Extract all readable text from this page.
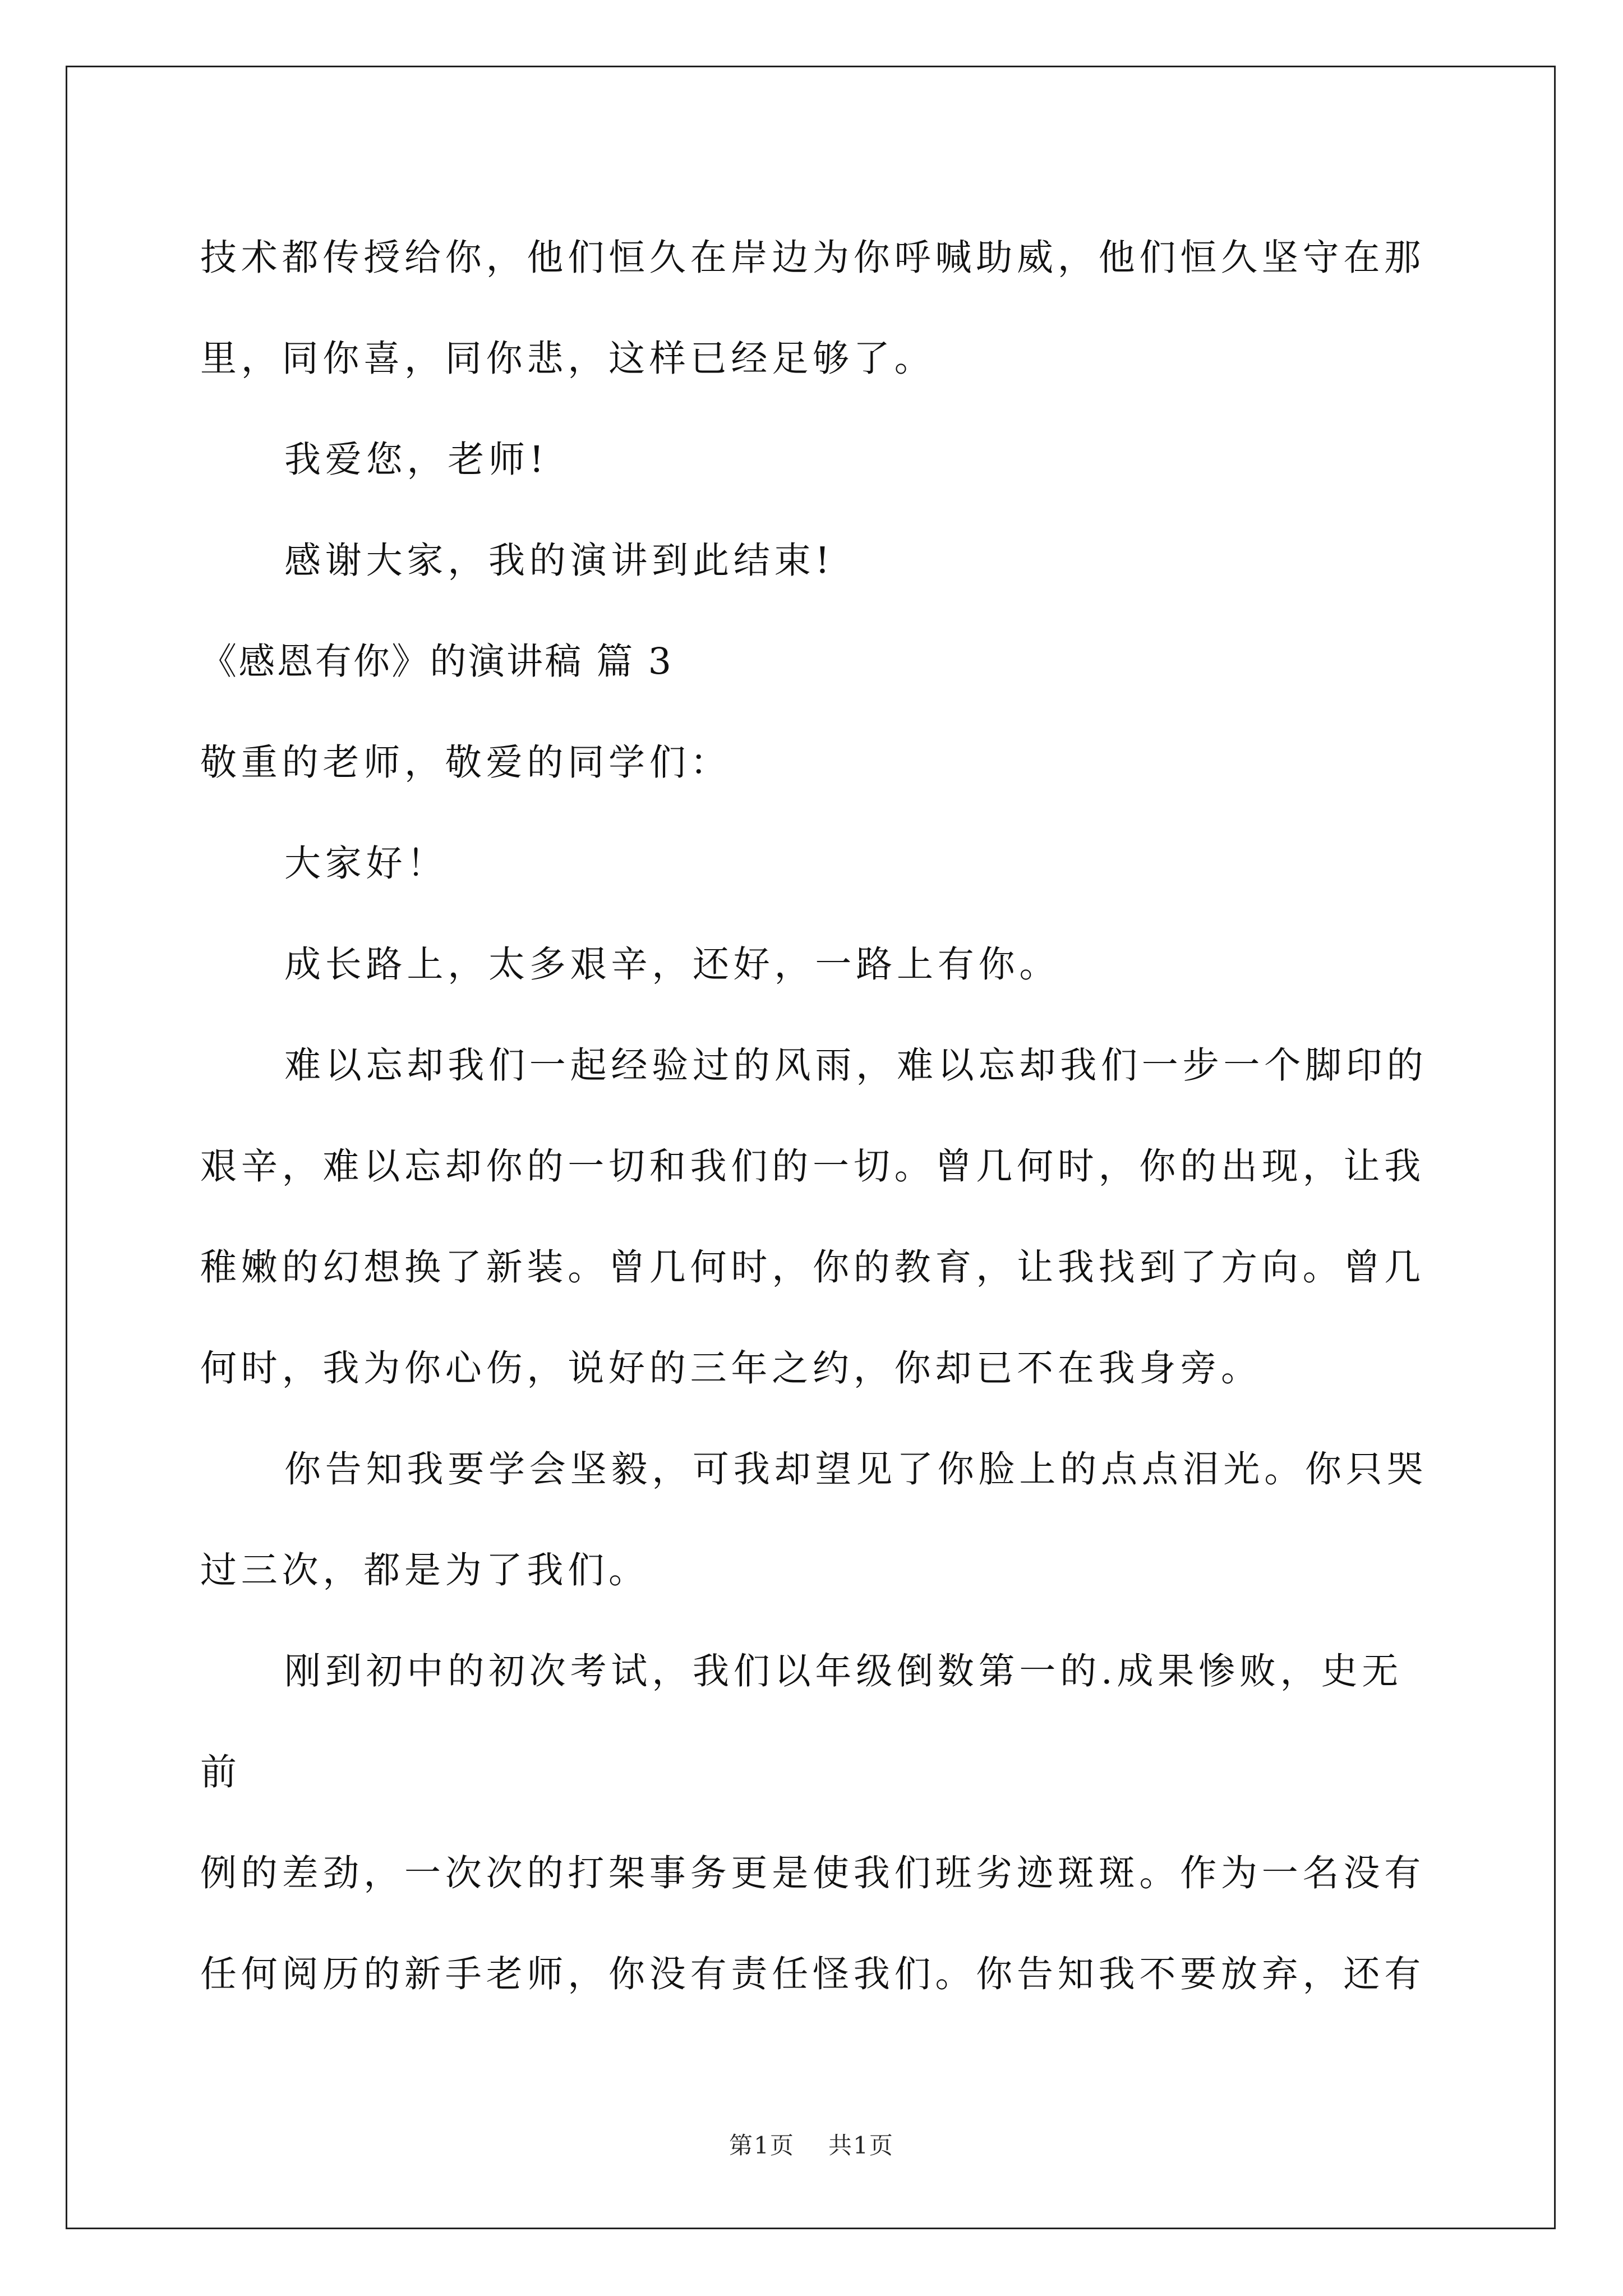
技术都传授给你，他们恒久在岸边为你呼喊助威，他们恒久坚守在那
里，同你喜，同你悲，这样已经足够了。

我爱您，老师!

感谢大家，我的演讲到此结束!

《感恩有你》的演讲稿 篇 3

敬重的老师，敬爱的同学们：

大家好！

成长路上，太多艰辛，还好，一路上有你。

难以忘却我们一起经验过的风雨，难以忘却我们一步一个脚印的
艰辛，难以忘却你的一切和我们的一切。曾几何时，你的出现，让我
稚嫩的幻想换了新装。曾几何时，你的教育，让我找到了方向。曾几
何时，我为你心伤，说好的三年之约，你却已不在我身旁。

你告知我要学会坚毅，可我却望见了你脸上的点点泪光。你只哭
过三次，都是为了我们。

刚到初中的初次考试，我们以年级倒数第一的.成果惨败，史无前
例的差劲，一次次的打架事务更是使我们班劣迹斑斑。作为一名没有
任何阅历的新手老师，你没有责任怪我们。你告知我不要放弃，还有

第1页 共1页
